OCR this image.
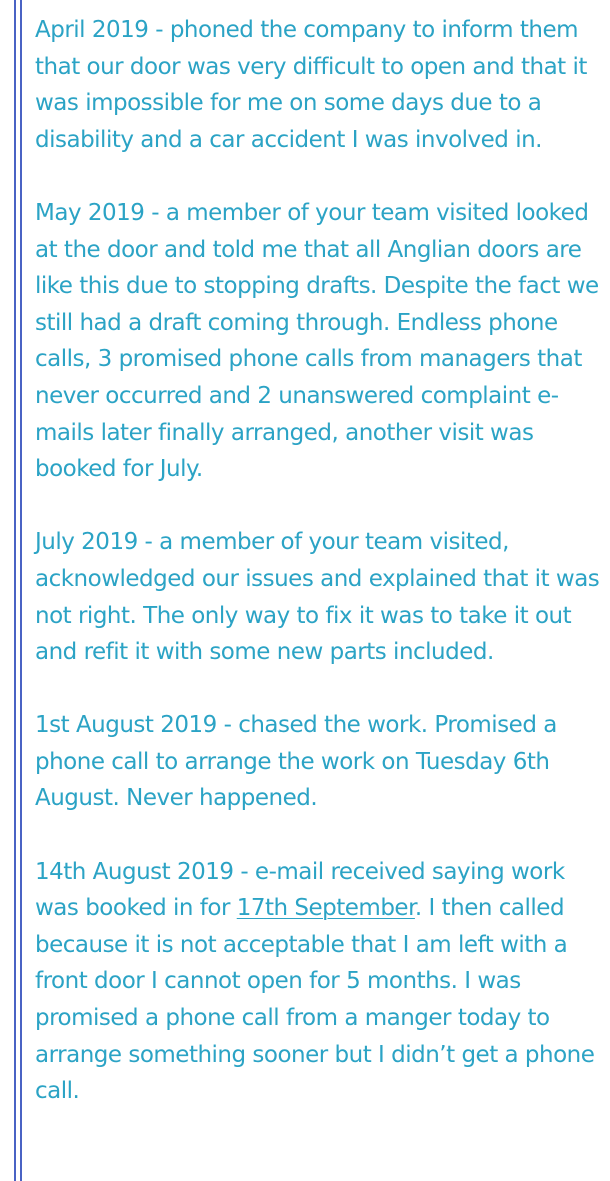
April 2019 - phoned the company to inform them that our door was very difficult to open and that it was impossible for me on some days due to a disability and a car accident I was involved in.

May 2019 - a member of your team visited looked at the door and told me that all Anglian doors are like this due to stopping drafts. Despite the fact we still had a draft coming through. Endless phone calls, 3 promised phone calls from managers that never occurred and 2 unanswered complaint e-mails later finally arranged, another visit was booked for July.

July 2019 - a member of your team visited, acknowledged our issues and explained that it was not right. The only way to fix it was to take it out and refit it with some new parts included.

1st August 2019 - chased the work. Promised a phone call to arrange the work on Tuesday 6th August. Never happened.

14th August 2019 - e-mail received saying work was booked in for 17th September. I then called because it is not acceptable that I am left with a front door I cannot open for 5 months. I was promised a phone call from a manger today to arrange something sooner but I didn’t get a phone call.
